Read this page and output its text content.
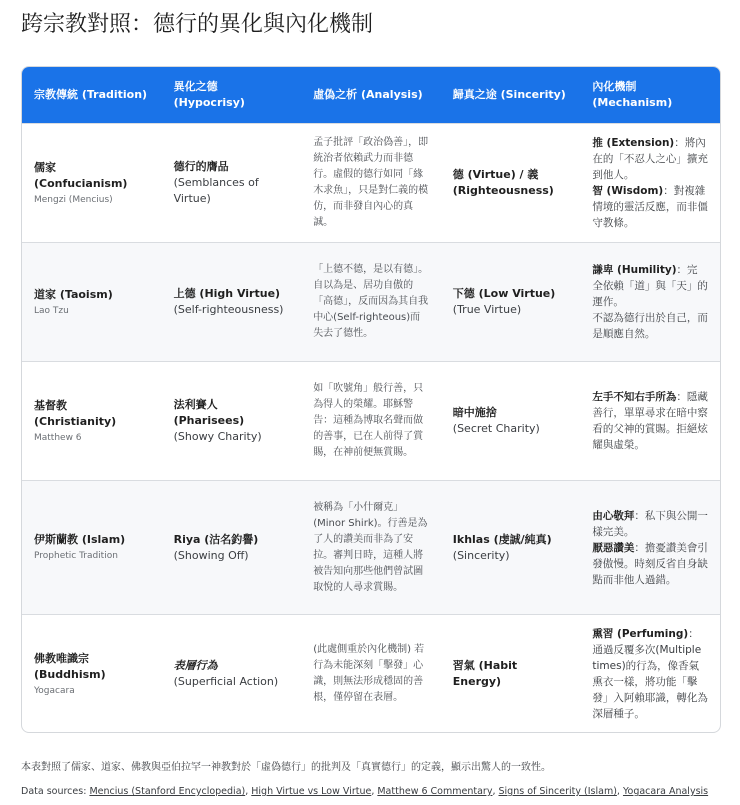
跨宗教對照：德行的異化與內化機制
宗教傳統 (Tradition)
異化之德 (Hypocrisy)
虛偽之析 (Analysis)	歸真之途 (Sincerity)
內化機制 (Mechanism)
儒家 (Confucianism)
Mengzi (Mencius)
德行的膺品
(Semblances of Virtue)
孟子批評「政治偽善」，即統治者依賴武力而非德行。虛假的德行如同「緣木求魚」，只是對仁義的模仿，而非發自內心的真誠。
德 (Virtue) / 義
(Righteousness)
推 (Extension)：將內在的「不忍人之心」擴充到他人。
智 (Wisdom)：對複雜情境的靈活反應，而非僵守教條。
道家 (Taoism)
Lao Tzu
上德 (High Virtue)
(Self-righteousness)
「上德不德，是以有德」。自以為是、居功自傲的「高德」，反而因為其自我中心(Self-righteous)而失去了德性。
下德 (Low Virtue)
(True Virtue)
謙卑 (Humility)：完全依賴「道」與「天」的運作。
不認為德行出於自己，而是順應自然。
基督教 (Christianity)
Matthew 6
法利賽人 (Pharisees)
(Showy Charity)
如「吹號角」般行善，只為得人的榮耀。耶穌警告：這種為博取名聲而做的善事，已在人前得了賞賜，在神前便無賞賜。
暗中施捨
(Secret Charity)
左手不知右手所為：隱藏善行，單單尋求在暗中察看的父神的賞賜。拒絕炫耀與虛榮。
伊斯蘭教 (Islam)
Prophetic Tradition
Riya (沽名釣譽)
(Showing Off)
被稱為「小什爾克」(Minor Shirk)。行善是為了人的讚美而非為了安拉。審判日時，這種人將被告知向那些他們曾試圖取悅的人尋求賞賜。
Ikhlas (虔誠/純真)
(Sincerity)
由心敬拜：私下與公開一樣完美。
厭惡讚美：擔憂讚美會引發傲慢。時刻反省自身缺點而非他人過錯。
佛教唯識宗 (Buddhism)
Yogacara
表層行為
(Superficial Action)
(此處側重於內化機制) 若行為未能深刻「擊發」心識，則無法形成穩固的善根，僅停留在表層。
習氣 (Habit Energy)
熏習 (Perfuming)：通過反覆多次(Multiple times)的行為，像香氣熏衣一樣，將功能「擊發」入阿賴耶識，轉化為深層種子。

本表對照了儒家、道家、佛教與亞伯拉罕一神教對於「虛偽德行」的批判及「真實德行」的定義，顯示出驚人的一致性。

Data sources: Mencius (Stanford Encyclopedia), High Virtue vs Low Virtue, Matthew 6 Commentary, Signs of Sincerity (Islam), Yogacara Analysis
